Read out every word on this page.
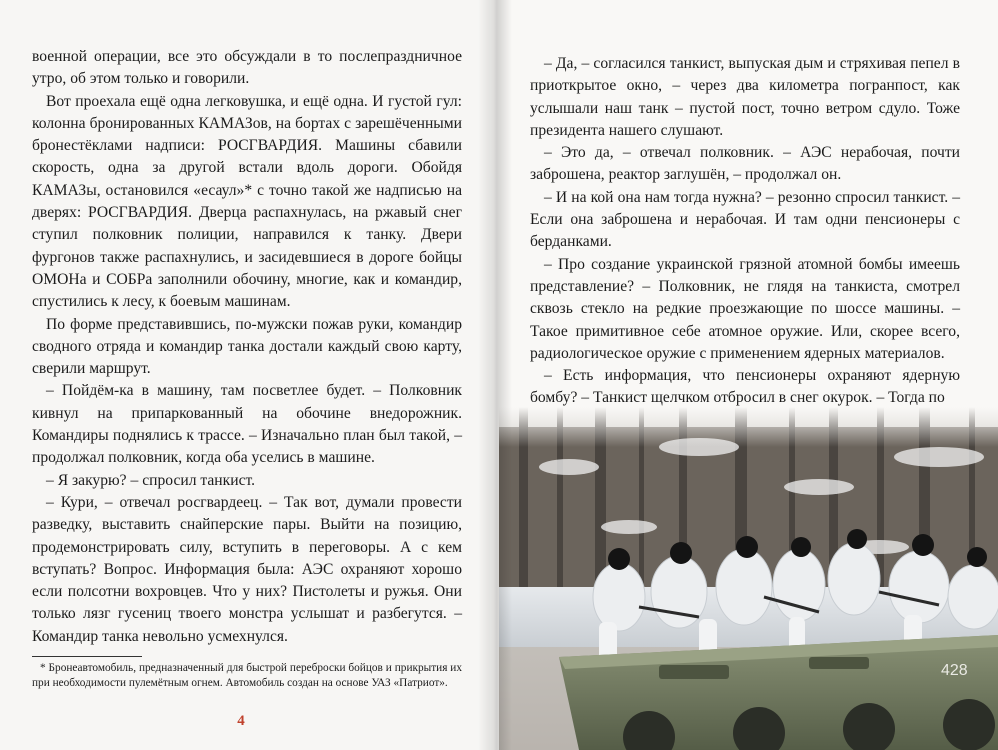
военной операции, все это обсуждали в то послепраздничное утро, об этом только и говорили.

Вот проехала ещё одна легковушка, и ещё одна. И густой гул: колонна бронированных КАМАЗов, на бортах с зарешёченными бронестёклами надписи: РОСГВАРДИЯ. Машины сбавили скорость, одна за другой встали вдоль дороги. Обойдя КАМАЗы, остановился «есаул»* с точно такой же надписью на дверях: РОСГВАРДИЯ. Дверца распахнулась, на ржавый снег ступил полковник полиции, направился к танку. Двери фургонов также распахнулись, и засидевшиеся в дороге бойцы ОМОНа и СОБРа заполнили обочину, многие, как и командир, спустились к лесу, к боевым машинам.

По форме представившись, по-мужски пожав руки, командир сводного отряда и командир танка достали каждый свою карту, сверили маршрут.

– Пойдём-ка в машину, там посветлее будет. – Полковник кивнул на припаркованный на обочине внедорожник. Командиры поднялись к трассе. – Изначально план был такой, – продолжал полковник, когда оба уселись в машине.

– Я закурю? – спросил танкист.

– Кури, – отвечал росгвардеец. – Так вот, думали провести разведку, выставить снайперские пары. Выйти на позицию, продемонстрировать силу, вступить в переговоры. А с кем вступать? Вопрос. Информация была: АЭС охраняют хорошо если полсотни вохровцев. Что у них? Пистолеты и ружья. Они только лязг гусениц твоего монстра услышат и разбегутся. – Командир танка невольно усмехнулся.

* Бронеавтомобиль, предназначенный для быстрой переброски бойцов и прикрытия их при необходимости пулемётным огнем. Автомобиль создан на основе УАЗ «Патриот».
4

– Да, – согласился танкист, выпуская дым и стряхивая пепел в приоткрытое окно, – через два километра погранпост, как услышали наш танк – пустой пост, точно ветром сдуло. Тоже президента нашего слушают.

– Это да, – отвечал полковник. – АЭС нерабочая, почти заброшена, реактор заглушён, – продолжал он.

– И на кой она нам тогда нужна? – резонно спросил танкист. – Если она заброшена и нерабочая. И там одни пенсионеры с берданками.

– Про создание украинской грязной атомной бомбы имеешь представление? – Полковник, не глядя на танкиста, смотрел сквозь стекло на редкие проезжающие по шоссе машины. – Такое примитивное себе атомное оружие. Или, скорее всего, радиологическое оружие с применением ядерных материалов.

– Есть информация, что пенсионеры охраняют ядерную бомбу? – Танкист щелчком отбросил в снег окурок. – Тогда по

428
